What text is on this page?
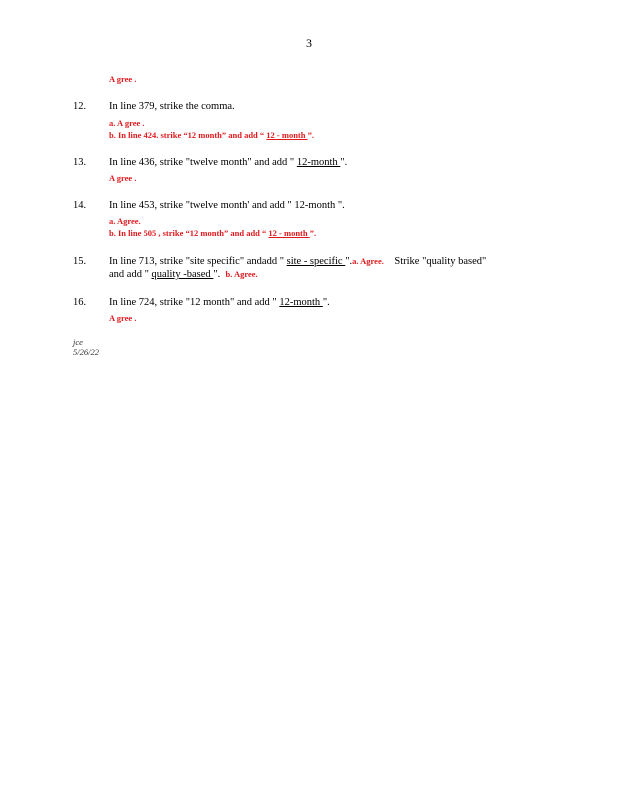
3
A gree .
12. In line 379, strike the comma.
a. A gree .
b. In line 424. strike “12 month” and add “ 12 - month ”.
13. In line 436, strike "twelve month" and add " 12-month ".
A gree .
14. In line 453, strike "twelve month' and add " 12-month ".
a. Agree.
b. In line 505 , strike “12 month” and add “ 12 - month ”.
15. In line 713, strike "site specific" andadd " site - specific ".a. Agree. Strike "quality based"
and add " quality -based ". b. Agree.
16. In line 724, strike "12 month" and add " 12-month ".
A gree .
jce
5/26/22
